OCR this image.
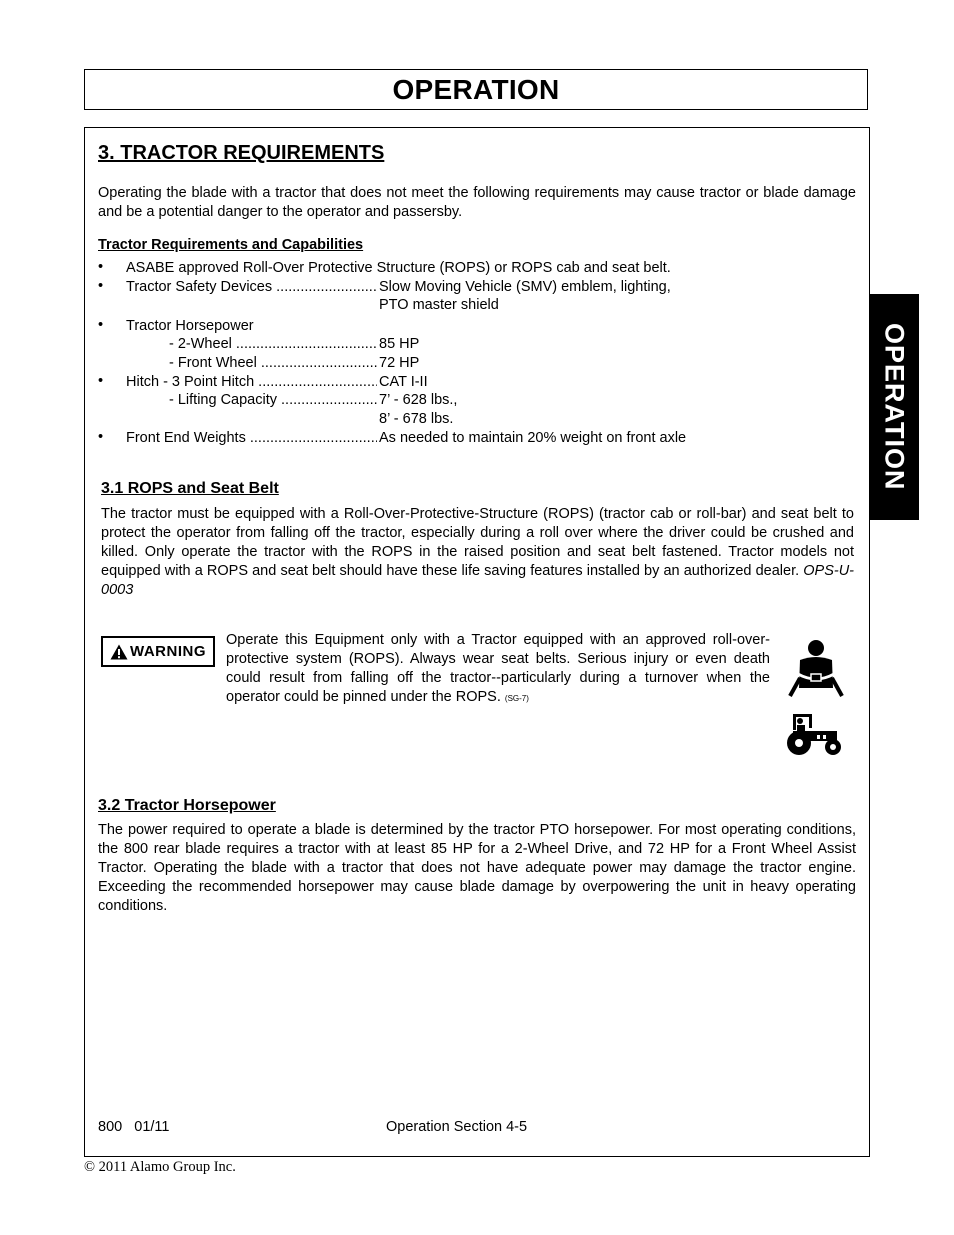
OPERATION
OPERATION
3. TRACTOR REQUIREMENTS
Operating the blade with a tractor that does not meet the following requirements may cause tractor or blade damage and be a potential danger to the operator and passersby.
Tractor Requirements and Capabilities
• ASABE approved Roll-Over Protective Structure (ROPS) or ROPS cab and seat belt.
• Tractor Safety Devices .....	Slow Moving Vehicle (SMV) emblem, lighting,
PTO master shield
• Tractor Horsepower
- 2-Wheel .....	85 HP
- Front Wheel .....	72 HP
• Hitch - 3 Point Hitch .....	CAT I-II
- Lifting Capacity .....	7’ - 628 lbs.,
8’ - 678 lbs.
• Front End Weights .....	As needed to maintain 20% weight on front axle
3.1 ROPS and Seat Belt
The tractor must be equipped with a Roll-Over-Protective-Structure (ROPS) (tractor cab or roll-bar) and seat belt to protect the operator from falling off the tractor, especially during a roll over where the driver could be crushed and killed. Only operate the tractor with the ROPS in the raised position and seat belt fastened. Tractor models not equipped with a ROPS and seat belt should have these life saving features installed by an authorized dealer. OPS-U- 0003
WARNING
Operate this Equipment only with a Tractor equipped with an approved roll-over-protective system (ROPS). Always wear seat belts. Serious injury or even death could result from falling off the tractor--particularly during a turnover when the operator could be pinned under the ROPS. (SG-7)
3.2 Tractor Horsepower
The power required to operate a blade is determined by the tractor PTO horsepower. For most operating conditions, the 800 rear blade requires a tractor with at least 85 HP for a 2-Wheel Drive, and 72 HP for a Front Wheel Assist Tractor. Operating the blade with a tractor that does not have adequate power may damage the tractor engine. Exceeding the recommended horsepower may cause blade damage by overpowering the unit in heavy operating conditions.
800   01/11	Operation Section 4-5
© 2011 Alamo Group Inc.
